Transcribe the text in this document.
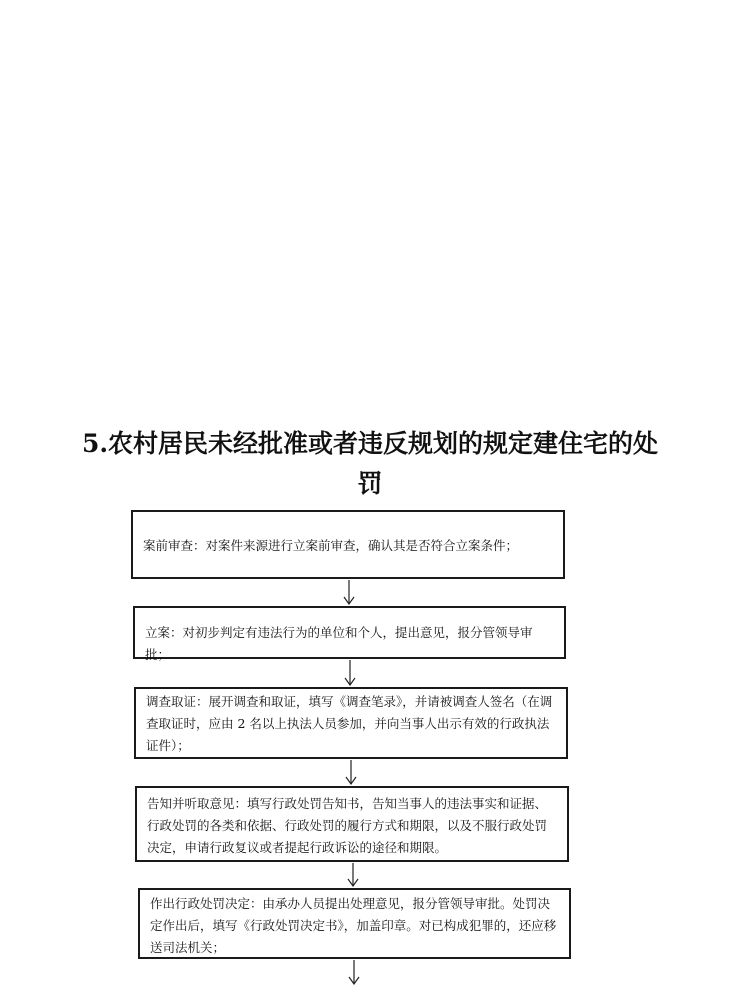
5.农村居民未经批准或者违反规划的规定建住宅的处
罚
案前审查：对案件来源进行立案前审查，确认其是否符合立案条件；
立案：对初步判定有违法行为的单位和个人，提出意见，报分管领导审批；
调查取证：展开调查和取证，填写《调查笔录》，并请被调查人签名（在调查取证时，应由 2 名以上执法人员参加，并向当事人出示有效的行政执法证件）；
告知并听取意见：填写行政处罚告知书，告知当事人的违法事实和证据、行政处罚的各类和依据、行政处罚的履行方式和期限，以及不服行政处罚决定，申请行政复议或者提起行政诉讼的途径和期限。
作出行政处罚决定：由承办人员提出处理意见，报分管领导审批。处罚决定作出后，填写《行政处罚决定书》，加盖印章。对已构成犯罪的，还应移送司法机关；
